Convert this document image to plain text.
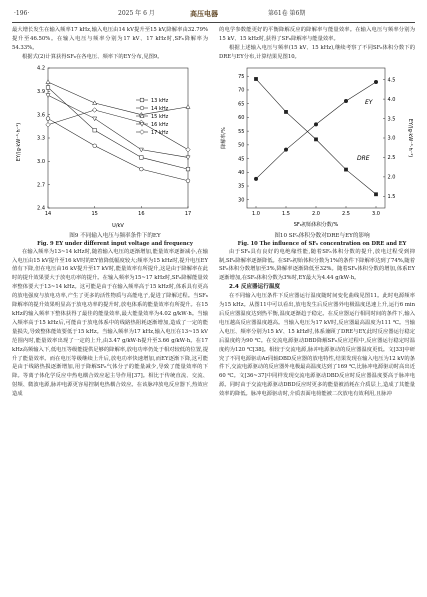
·196·	2025 年 6 月	高压电器	第61卷 第6期

最大增长发生在输入频率17 kHz,输入电压由14 kV提升至15 kV,降解率由32.79%提升至46.50%。在输入电压与频率分别为17 kV、17 kHz时,SF₆降解率为54.33%。

根据式(2)计算获得SF₆在各电压、频率下的EY分布,见图9。

2.4
2.7
3.0
3.3
3.6
3.9
4.2
14	15	16	17
13 kHz
14 kHz
15 kHz
16 kHz
17 kHz
EY/(g·kW⁻¹·h⁻¹)
U/kV

图9 不同输入电压与频率条件下的EY

Fig. 9 EY under different input voltage and frequency

在输入频率为13~14 kHz时,随着输入电压的逐渐增加,能量效率逐渐减小,在输入电压由15 kV提升至16 kV时的EY值降低幅度较大;频率为15 kHz时,提升电压EY值有下降,但在电压由16 kV提升至17 kV时,能量效率有所提升,这是由于降解率在此时的提升效果要大于放电功率的提升。在输入频率为15~17 kHz时,SF₆降解能量效率整体要大于13~14 kHz。这可能是由于在输入频率高于15 kHz时,体系具有更高的放电强度与放电功率,产生了更多的活性物质与高能电子,促进了降解过程。当SF₆降解率的提升效果明显高于放电功率的提升时,放电体系的能量效率有所提升。在15 kHz的输入频率下整体获得了最佳的能量效率,最大能量效率为4.02 g/kW·h。当输入频率高于15 kHz后,可能由于放电体系中的线路热阻耗逐渐增加,造成了一定的能量损失,导致整体能效要低于15 kHz。当输入频率为17 kHz,输入电压在13~15 kV范围内时,能量效率出现了一定的上升,由3.47 g/kW·h提升至3.66 g/kW·h。在17 kHz高频输入下,低电压等级能提供足够的降解率,放电功率仍处于相对较低的位置,提升了能量效率。而在电压等级继续上升后,放电功率快速增加,而EY逐渐下降,这可能是由于线路热损逐渐增加,用于降解SF₆气体分子的能量减少,导致了能量效率的下降。等离子体化学反应中热电耦合效应起主导作用[37]。相比于传统直流、交流、射频、微波电源,脉冲电源更容易控制电热耦合效应。在该脉冲放电反应器下,热效应造成

的电学参数能更好的平衡降解反应的降解率与能量效率。在输入电压与频率分别为15 kV、15 kHz时,获得了SF₆降解率与能量效率。

根据上述输入电压与频率(15 kV、15 kHz),继续考察了不同SF₆体积分数下的DRE与EY分布,计算结果见图10。

1.0	1.5	2.0	2.5	3.0
30
35
40
45
50
55
60
65
70
75
1.5
2.0
2.5
3.0
3.5
4.0
4.5
降解率/%	EY/(g·kW⁻¹·h⁻¹)
SF₆初始体积分数/%
EY
DRE

图10 SF₆体积分数对DRE与EY的影响

Fig. 10 The influence of SF₆ concentration on DRE and EY

由于SF₆具有良好的电绝缘性能,随着SF₆体积分数的提升,放电过程受到抑制,SF₆降解率逐渐降低。在SF₆初始体积分数为1%的条件下降解率达到了74%,随着SF₆体积分数增加至3%,降解率逐渐降低至32%。随着SF₆体积分数的增加,体系EY逐渐增加,在SF₆体积分数为3%时,EY最大为4.44 g/kW·h。

2.4 反应器运行温度

在不同输入电压条件下反应器运行温度随时间变化曲线见图11。此时电源频率为15 kHz。从图11中可以看出,放电发生后反应器外电极温度迅速上升,运行6 min后反应器温度达到热平衡,温度逐渐趋于稳定。在反应器运行相同时间的条件下,输入电压越高反应器温度越高。当输入电压为17 kV时,反应器最高温度为111 ℃。当输入电压、频率分别为15 kV、15 kHz时,体系兼顾了DRE与EY,此时反应器运行稳定后温度约为90 ℃。在交流电源驱动DBD降解SF₆反应过程中,反应器运行稳定时温度约为120 ℃[38]。相较于交流电源,脉冲电源驱动的反应器温度更低。文[33]中研究了不同电源驱动Ar同轴DBD反应器的放电特性,结果发现在输入电压为12 kV的条件下,交流电源驱动的反应器外电极最高温度达到了169 ℃,比脉冲电源驱动时高出近60 ℃。文[36~37]中同样发现交流电源驱动DBD反应时反应器温度要高于脉冲电源。同时由于交流电源驱动DBD反应时更多的能量被消耗在介质层上,造成了其能量效率的降低。脉冲电源驱动时,介质表面电荷能被二次放电有效利用,且脉冲
